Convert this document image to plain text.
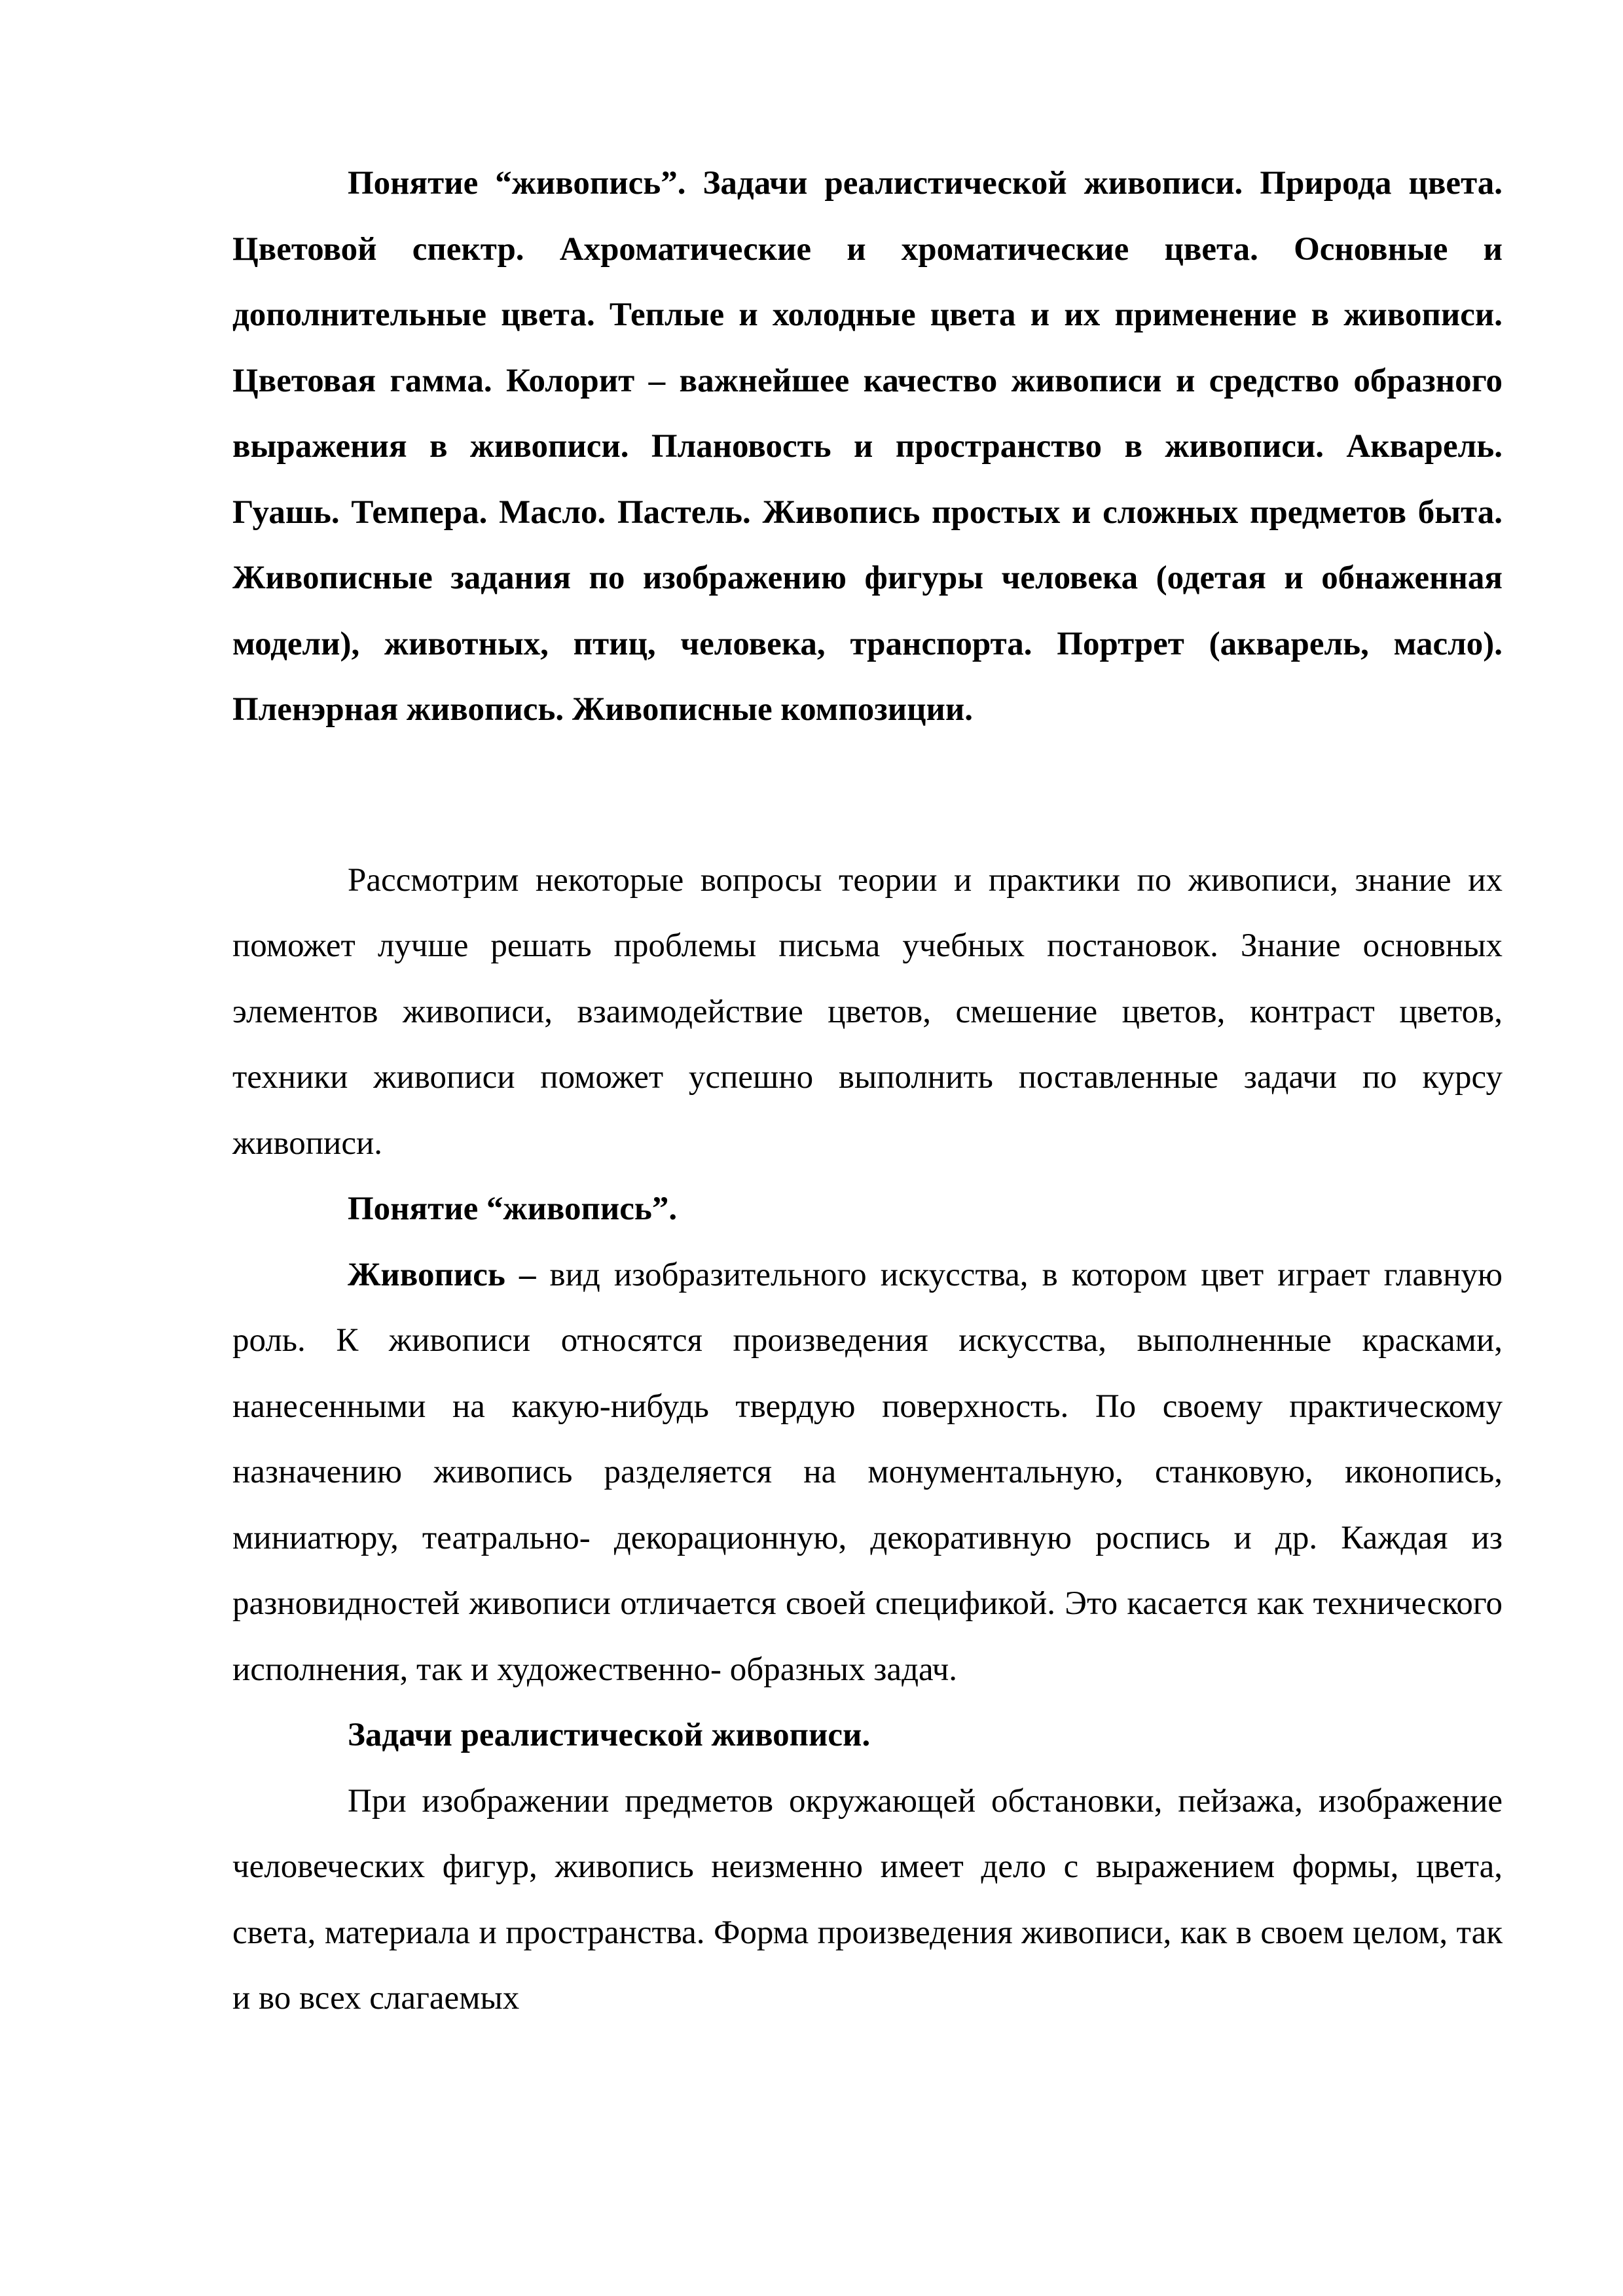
Понятие “живопись”. Задачи реалистической живописи. Природа цвета. Цветовой спектр. Ахроматические и хроматические цвета. Основные и дополнительные цвета. Теплые и холодные цвета и их применение в живописи. Цветовая гамма. Колорит – важнейшее качество живописи и средство образного выражения в живописи. Плановость и пространство в живописи. Акварель. Гуашь. Темпера. Масло. Пастель. Живопись простых и сложных предметов быта. Живописные задания по изображению фигуры человека (одетая и обнаженная модели), животных, птиц, человека, транспорта. Портрет (акварель, масло). Пленэрная живопись. Живописные композиции.

Рассмотрим некоторые вопросы теории и практики по живописи, знание их поможет лучше решать проблемы письма учебных постановок. Знание основных элементов живописи, взаимодействие цветов, смешение цветов, контраст цветов, техники живописи поможет успешно выполнить поставленные задачи по курсу живописи.

Понятие “живопись”.

Живопись – вид изобразительного искусства, в котором цвет играет главную роль. К живописи относятся произведения искусства, выполненные красками, нанесенными на какую-нибудь твердую поверхность. По своему практическому назначению живопись разделяется на монументальную, станковую, иконопись, миниатюру, театрально- декорационную, декоративную роспись и др. Каждая из разновидностей живописи отличается своей спецификой. Это касается как технического исполнения, так и художественно- образных задач.

Задачи реалистической живописи.

При изображении предметов окружающей обстановки, пейзажа, изображение человеческих фигур, живопись неизменно имеет дело с выражением формы, цвета, света, материала и пространства. Форма произведения живописи, как в своем целом, так и во всех слагаемых
